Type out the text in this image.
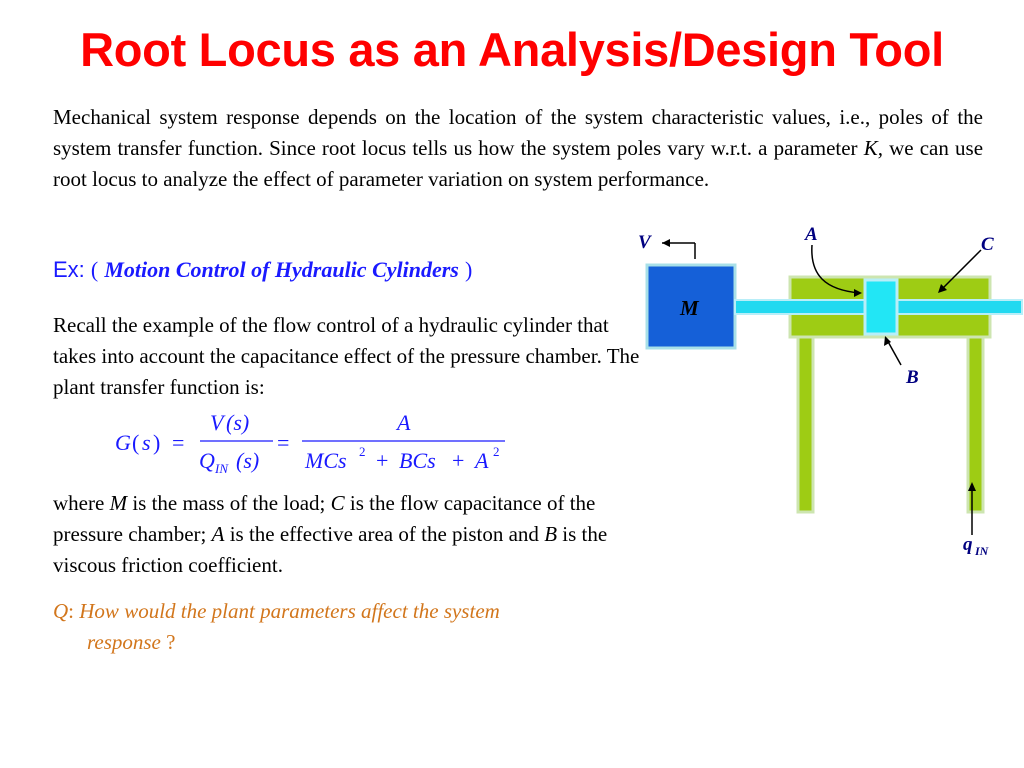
Root Locus as an Analysis/Design Tool
Mechanical system response depends on the location of the system characteristic values, i.e., poles of the system transfer function. Since root locus tells us how the system poles vary w.r.t. a parameter K, we can use root locus to analyze the effect of parameter variation on system performance.
Ex: ( Motion Control of Hydraulic Cylinders )
Recall the example of the flow control of a hydraulic cylinder that takes into account the capacitance effect of the pressure chamber. The plant transfer function is:
G ( s ) =
V (s)
Q IN (s)
=
A
MCs 2 + BCs + A 2
where M is the mass of the load; C is the flow capacitance of the pressure chamber; A is the effective area of the piston and B is the viscous friction coefficient.
Q: How would the plant parameters affect the system
response ?
V	A	C
M
B
q IN
